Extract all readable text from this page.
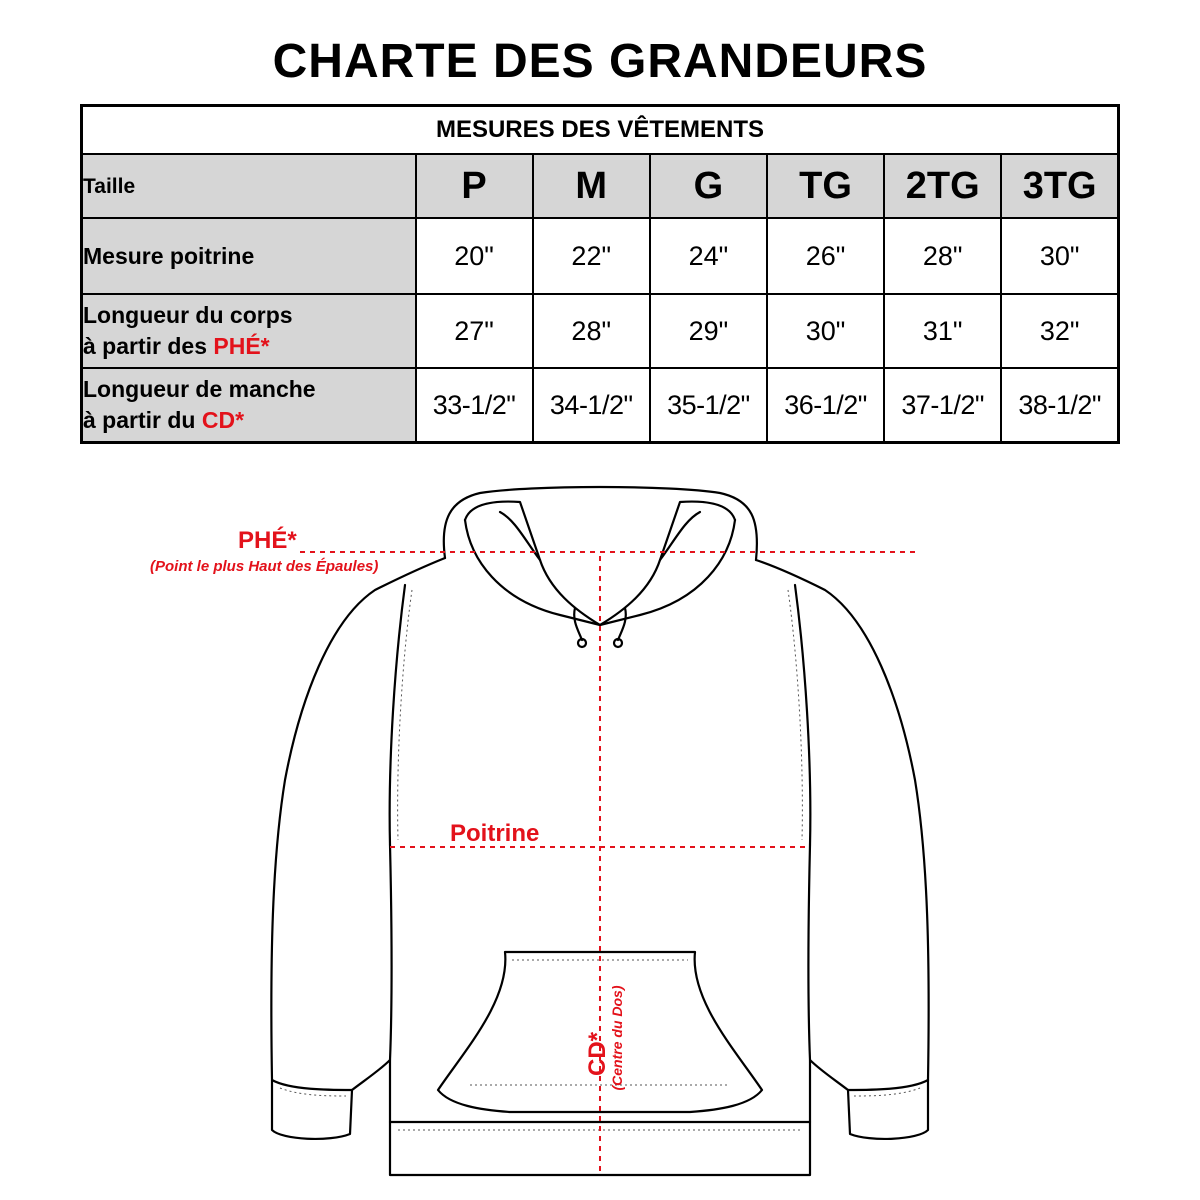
CHARTE DES GRANDEURS
MESURES DES VÊTEMENTS						
Taille	P	M	G	TG	2TG	3TG
Mesure poitrine	20"	22"	24"	26"	28"	30"
Longueur du corps
à partir des PHÉ*	27"	28"	29"	30"	31"	32"
Longueur de manche
à partir du CD*	33-1/2"	34-1/2"	35-1/2"	36-1/2"	37-1/2"	38-1/2"
PHÉ*
(Point le plus Haut des Épaules)
Poitrine
CD*
(Centre du Dos)
